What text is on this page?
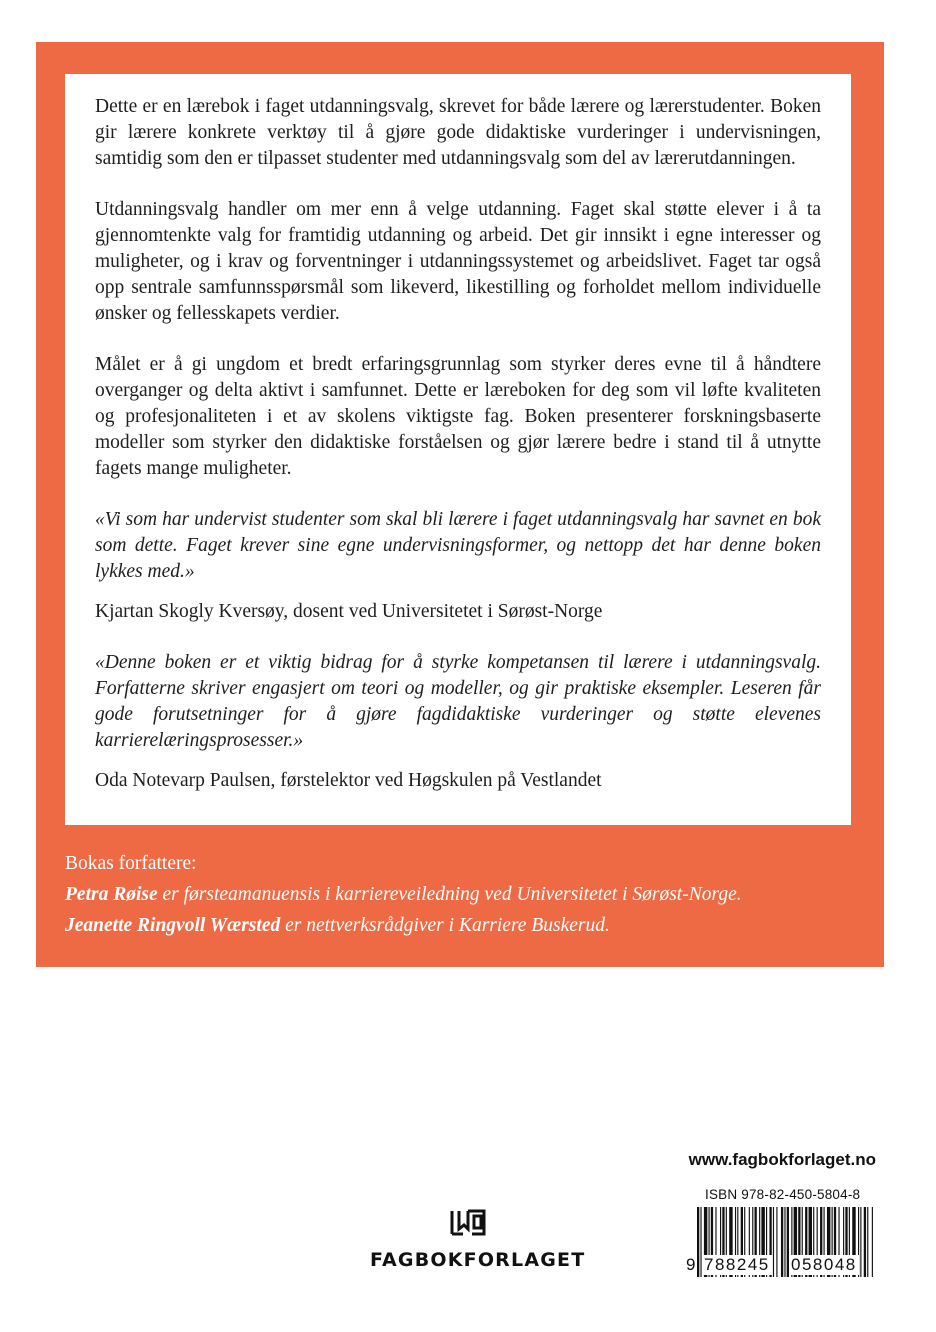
Dette er en lærebok i faget utdanningsvalg, skrevet for både lærere og lærerstudenter. Boken gir lærere konkrete verktøy til å gjøre gode didaktiske vurderinger i undervisningen, samtidig som den er tilpasset studenter med utdanningsvalg som del av lærerutdanningen.

Utdanningsvalg handler om mer enn å velge utdanning. Faget skal støtte elever i å ta gjennomtenkte valg for framtidig utdanning og arbeid. Det gir innsikt i egne interesser og muligheter, og i krav og forventninger i utdanningssystemet og arbeidslivet. Faget tar også opp sentrale samfunnsspørsmål som likeverd, likestilling og forholdet mellom individuelle ønsker og fellesskapets verdier.

Målet er å gi ungdom et bredt erfaringsgrunnlag som styrker deres evne til å håndtere overganger og delta aktivt i samfunnet. Dette er læreboken for deg som vil løfte kvaliteten og profesjonaliteten i et av skolens viktigste fag. Boken presenterer forskningsbaserte modeller som styrker den didaktiske forståelsen og gjør lærere bedre i stand til å utnytte fagets mange muligheter.

«Vi som har undervist studenter som skal bli lærere i faget utdanningsvalg har savnet en bok som dette. Faget krever sine egne undervisningsformer, og nettopp det har denne boken lykkes med.»

Kjartan Skogly Kversøy, dosent ved Universitetet i Sørøst-Norge

«Denne boken er et viktig bidrag for å styrke kompetansen til lærere i utdanningsvalg. Forfatterne skriver engasjert om teori og modeller, og gir praktiske eksempler. Leseren får gode forutsetninger for å gjøre fagdidaktiske vurderinger og støtte elevenes karrierelæringsprosesser.»

Oda Notevarp Paulsen, førstelektor ved Høgskulen på Vestlandet

Bokas forfattere:
Petra Røise er førsteamanuensis i karriereveiledning ved Universitetet i Sørøst-Norge.
Jeanette Ringvoll Wærsted er nettverksrådgiver i Karriere Buskerud.
www.fagbokforlaget.no
FAGBOKFORLAGET
ISBN 978-82-450-5804-8
9 788245 058048
